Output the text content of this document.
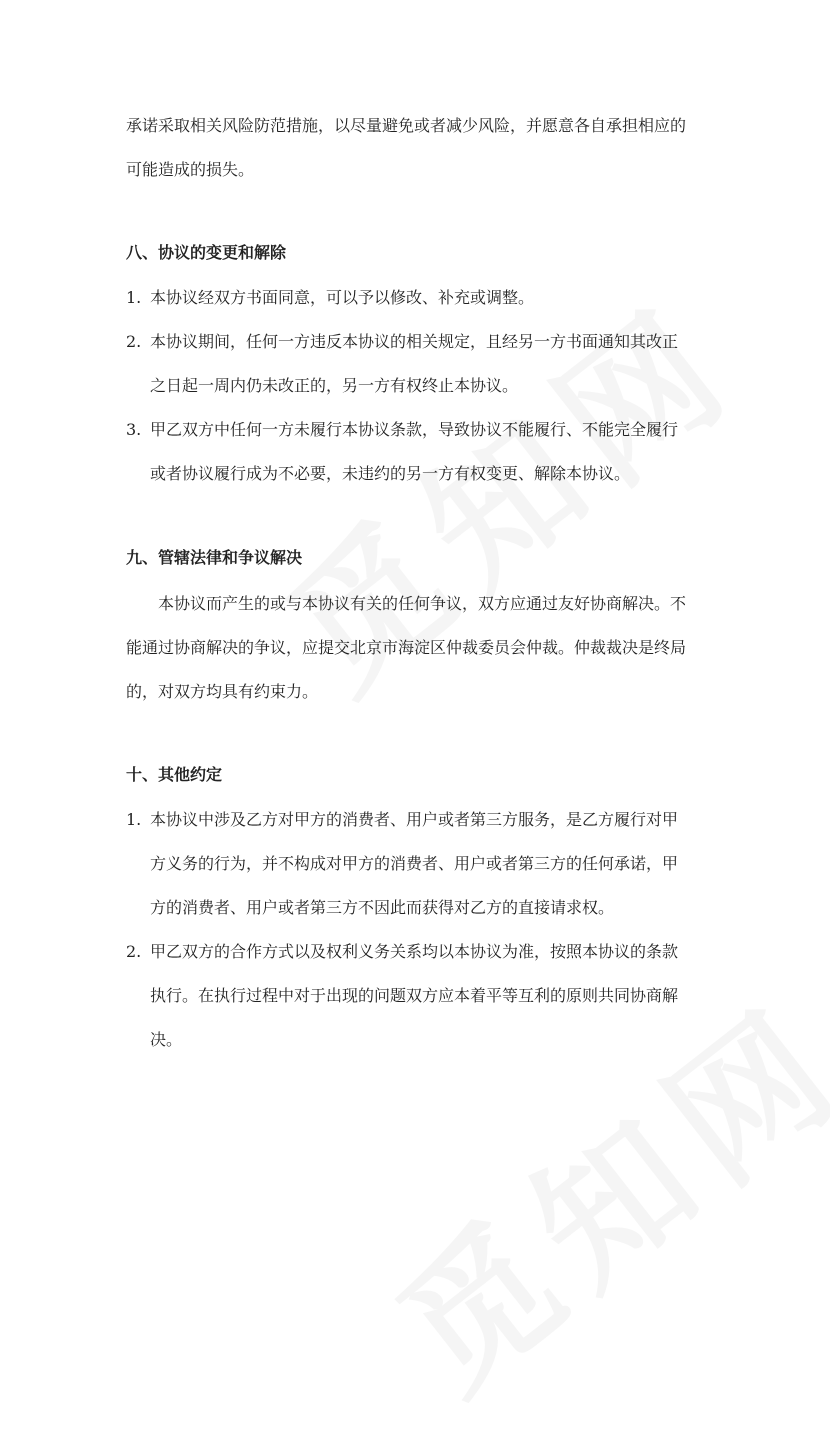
承诺采取相关风险防范措施，以尽量避免或者减少风险，并愿意各自承担相应的
可能造成的损失。
八、协议的变更和解除
1. 本协议经双方书面同意，可以予以修改、补充或调整。
2. 本协议期间，任何一方违反本协议的相关规定，且经另一方书面通知其改正
之日起一周内仍未改正的，另一方有权终止本协议。
3. 甲乙双方中任何一方未履行本协议条款，导致协议不能履行、不能完全履行
或者协议履行成为不必要，未违约的另一方有权变更、解除本协议。
九、管辖法律和争议解决
本协议而产生的或与本协议有关的任何争议，双方应通过友好协商解决。不
能通过协商解决的争议，应提交北京市海淀区仲裁委员会仲裁。仲裁裁决是终局
的，对双方均具有约束力。
十、其他约定
1. 本协议中涉及乙方对甲方的消费者、用户或者第三方服务，是乙方履行对甲
方义务的行为，并不构成对甲方的消费者、用户或者第三方的任何承诺，甲
方的消费者、用户或者第三方不因此而获得对乙方的直接请求权。
2. 甲乙双方的合作方式以及权利义务关系均以本协议为准，按照本协议的条款
执行。在执行过程中对于出现的问题双方应本着平等互利的原则共同协商解
决。
